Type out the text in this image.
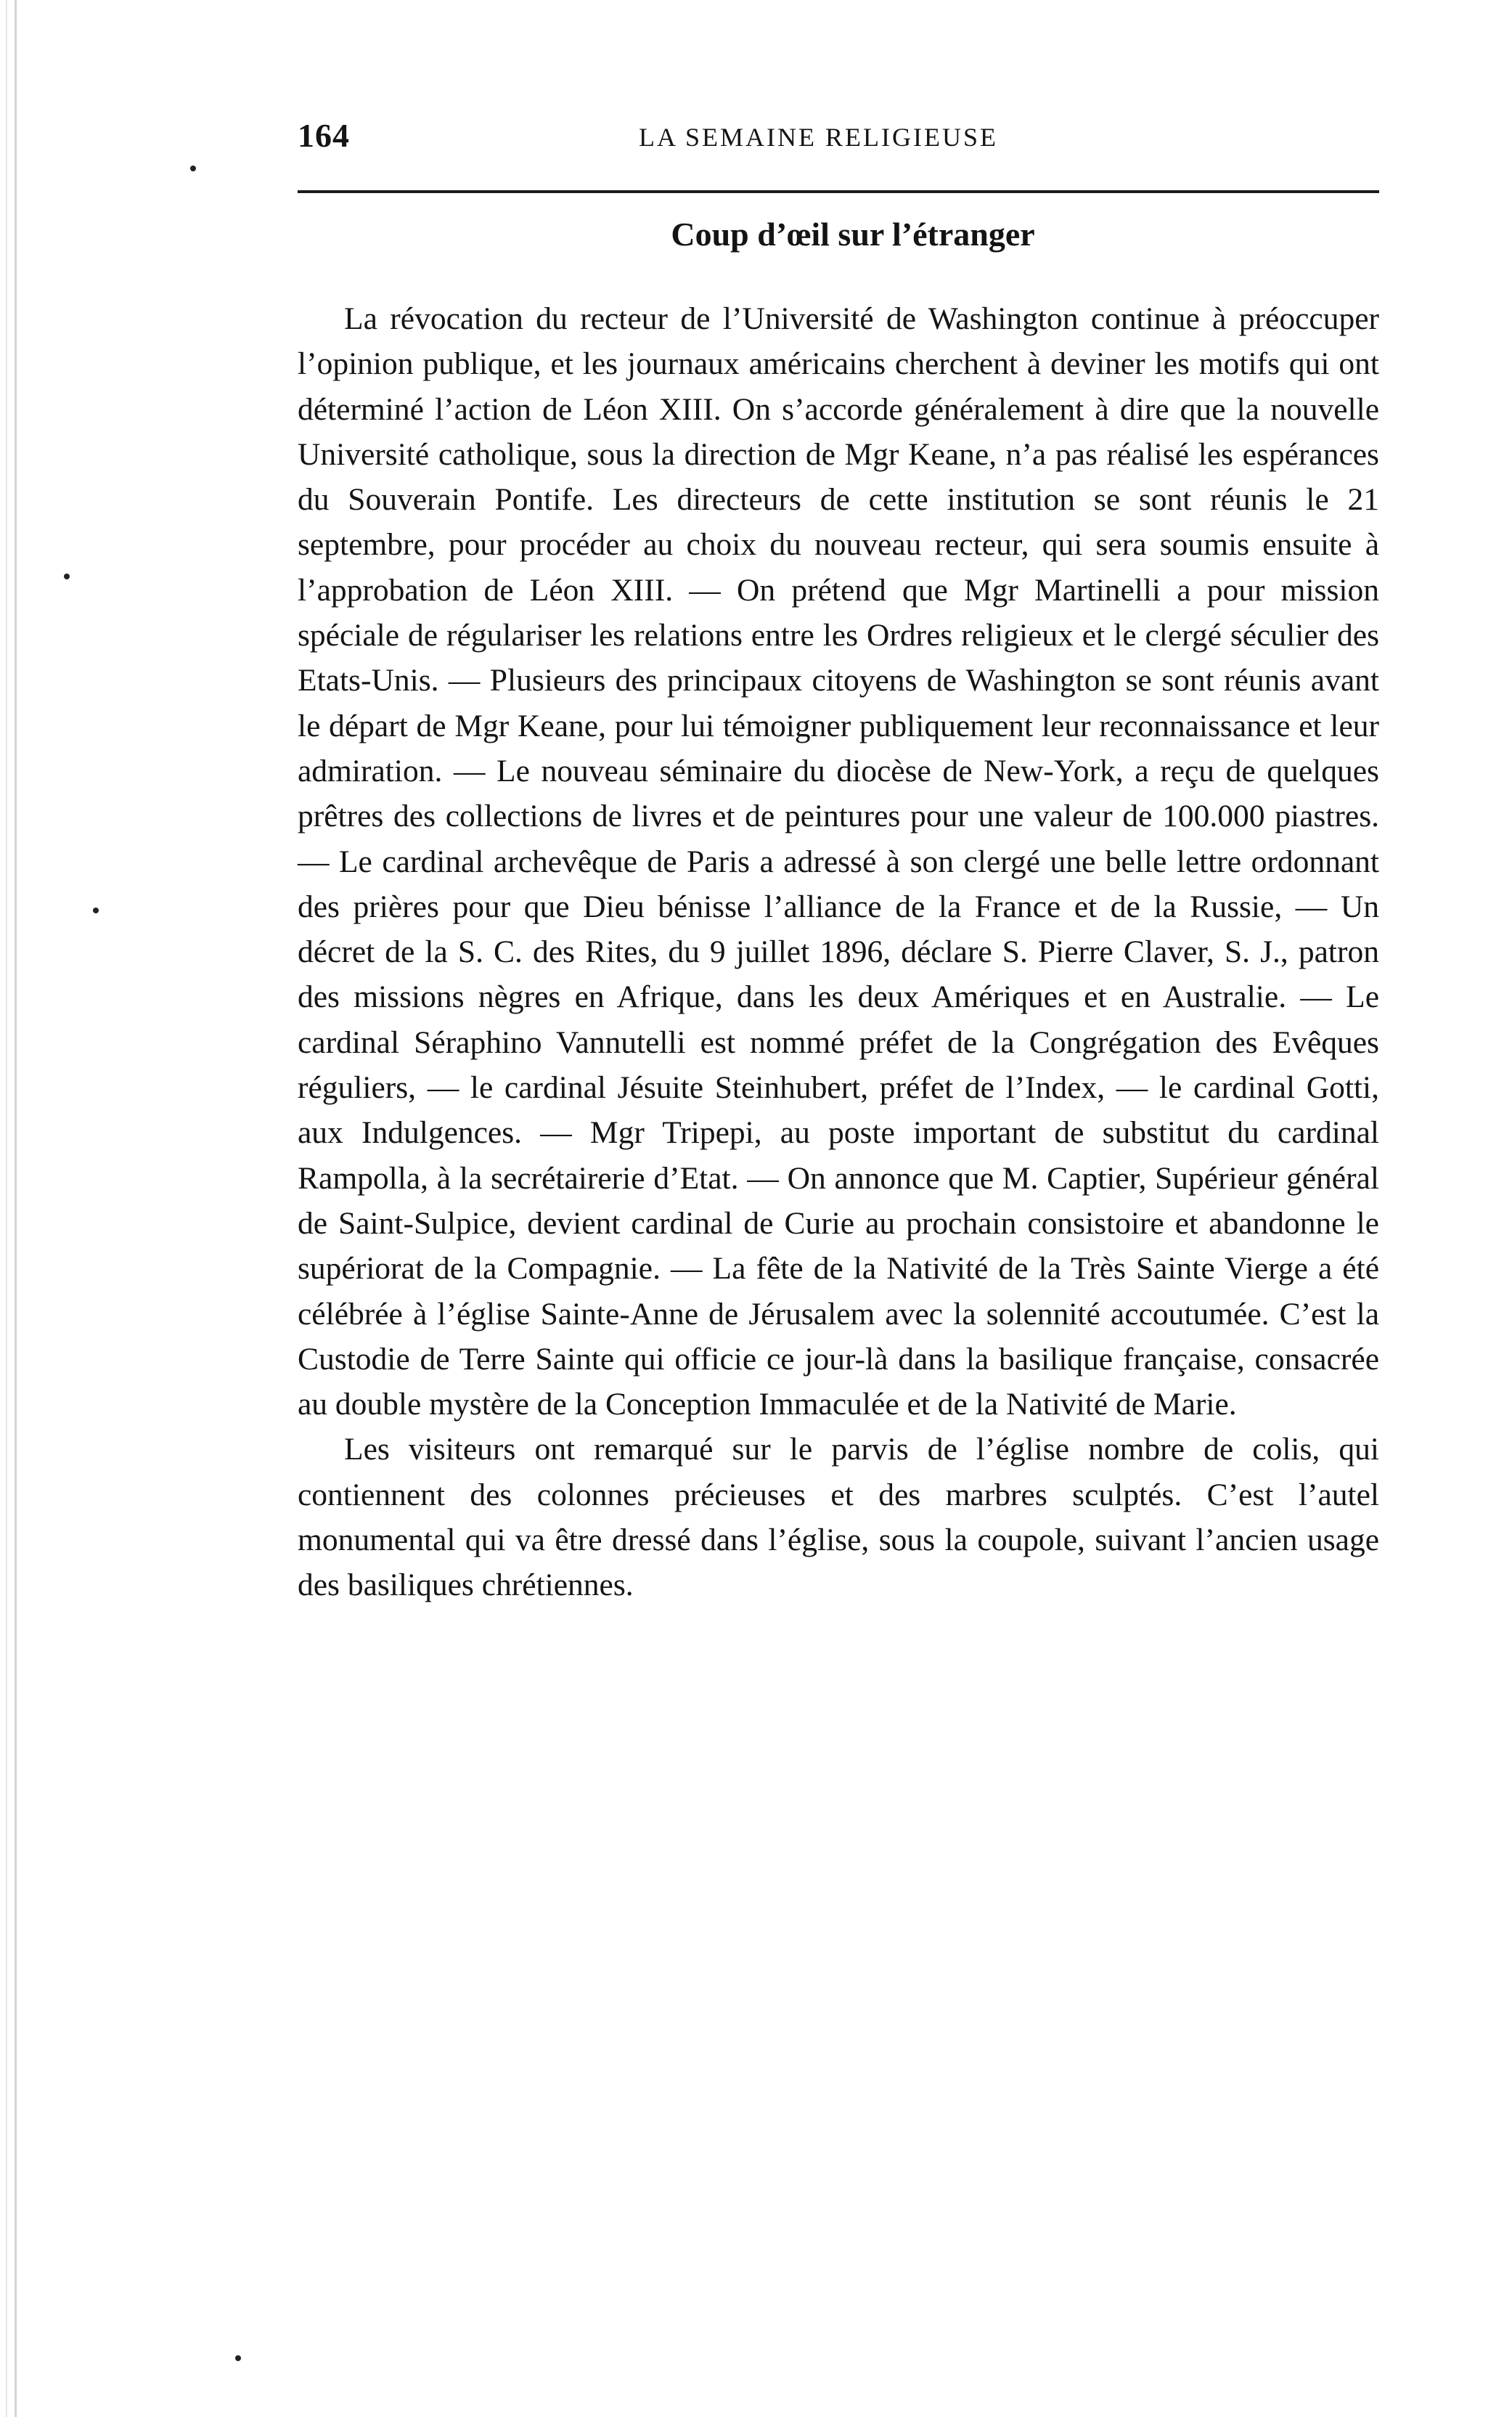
164	LA SEMAINE RELIGIEUSE
Coup d’œil sur l’étranger

La révocation du recteur de l’Université de Washington continue à préoccuper l’opinion publique, et les journaux américains cherchent à deviner les motifs qui ont déterminé l’action de Léon XIII. On s’accorde généralement à dire que la nouvelle Université catholique, sous la direction de Mgr Keane, n’a pas réalisé les espérances du Souverain Pontife. Les directeurs de cette institution se sont réunis le 21 septembre, pour procéder au choix du nouveau recteur, qui sera soumis ensuite à l’approbation de Léon XIII. — On prétend que Mgr Martinelli a pour mission spéciale de régulariser les relations entre les Ordres religieux et le clergé séculier des Etats-Unis. — Plusieurs des principaux citoyens de Washington se sont réunis avant le départ de Mgr Keane, pour lui témoigner publiquement leur reconnaissance et leur admiration. — Le nouveau séminaire du diocèse de New-York, a reçu de quelques prêtres des collections de livres et de peintures pour une valeur de 100.000 piastres. — Le cardinal archevêque de Paris a adressé à son clergé une belle lettre ordonnant des prières pour que Dieu bénisse l’alliance de la France et de la Russie, — Un décret de la S. C. des Rites, du 9 juillet 1896, déclare S. Pierre Claver, S. J., patron des missions nègres en Afrique, dans les deux Amériques et en Australie. — Le cardinal Séraphino Vannutelli est nommé préfet de la Congrégation des Evêques réguliers, — le cardinal Jésuite Steinhubert, préfet de l’Index, — le cardinal Gotti, aux Indulgences. — Mgr Tripepi, au poste important de substitut du cardinal Rampolla, à la secrétairerie d’Etat. — On annonce que M. Captier, Supérieur général de Saint-Sulpice, devient cardinal de Curie au prochain consistoire et abandonne le supériorat de la Compagnie. — La fête de la Nativité de la Très Sainte Vierge a été célébrée à l’église Sainte-Anne de Jérusalem avec la solennité accoutumée. C’est la Custodie de Terre Sainte qui officie ce jour-là dans la basilique française, consacrée au double mystère de la Conception Immaculée et de la Nativité de Marie.

Les visiteurs ont remarqué sur le parvis de l’église nombre de colis, qui contiennent des colonnes précieuses et des marbres sculptés. C’est l’autel monumental qui va être dressé dans l’église, sous la coupole, suivant l’ancien usage des basiliques chrétiennes.
